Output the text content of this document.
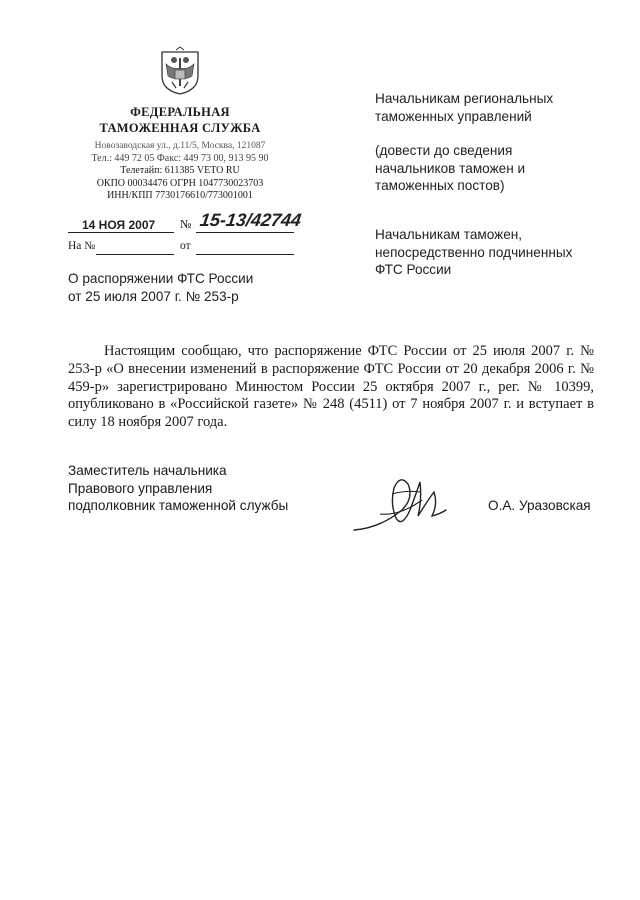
ФЕДЕРАЛЬНАЯ
ТАМОЖЕННАЯ СЛУЖБА
Новозаводская ул., д.11/5, Москва, 121087
Тел.: 449 72 05 Факс: 449 73 00, 913 95 90
Телетайп: 611385 VETO RU
ОКПО 00034476 ОГРН 1047730023703
ИНН/КПП 7730176610/773001001
14 НОЯ 2007	№ 15-13/42744
На №	от
Начальникам региональных
таможенных управлений
(довести до сведения
начальников таможен и
таможенных постов)
Начальникам таможен,
непосредственно подчиненных
ФТС России
О распоряжении ФТС России
от 25 июля 2007 г. № 253-р
Настоящим сообщаю, что распоряжение ФТС России от 25 июля 2007 г. № 253-р «О внесении изменений в распоряжение ФТС России от 20 декабря 2006 г. № 459-р» зарегистрировано Минюстом России 25 октября 2007 г., рег. № 10399, опубликовано в «Российской газете» № 248 (4511) от 7 ноября 2007 г. и вступает в силу 18 ноября 2007 года.
Заместитель начальника
Правового управления
подполковник таможенной службы	О.А. Уразовская
